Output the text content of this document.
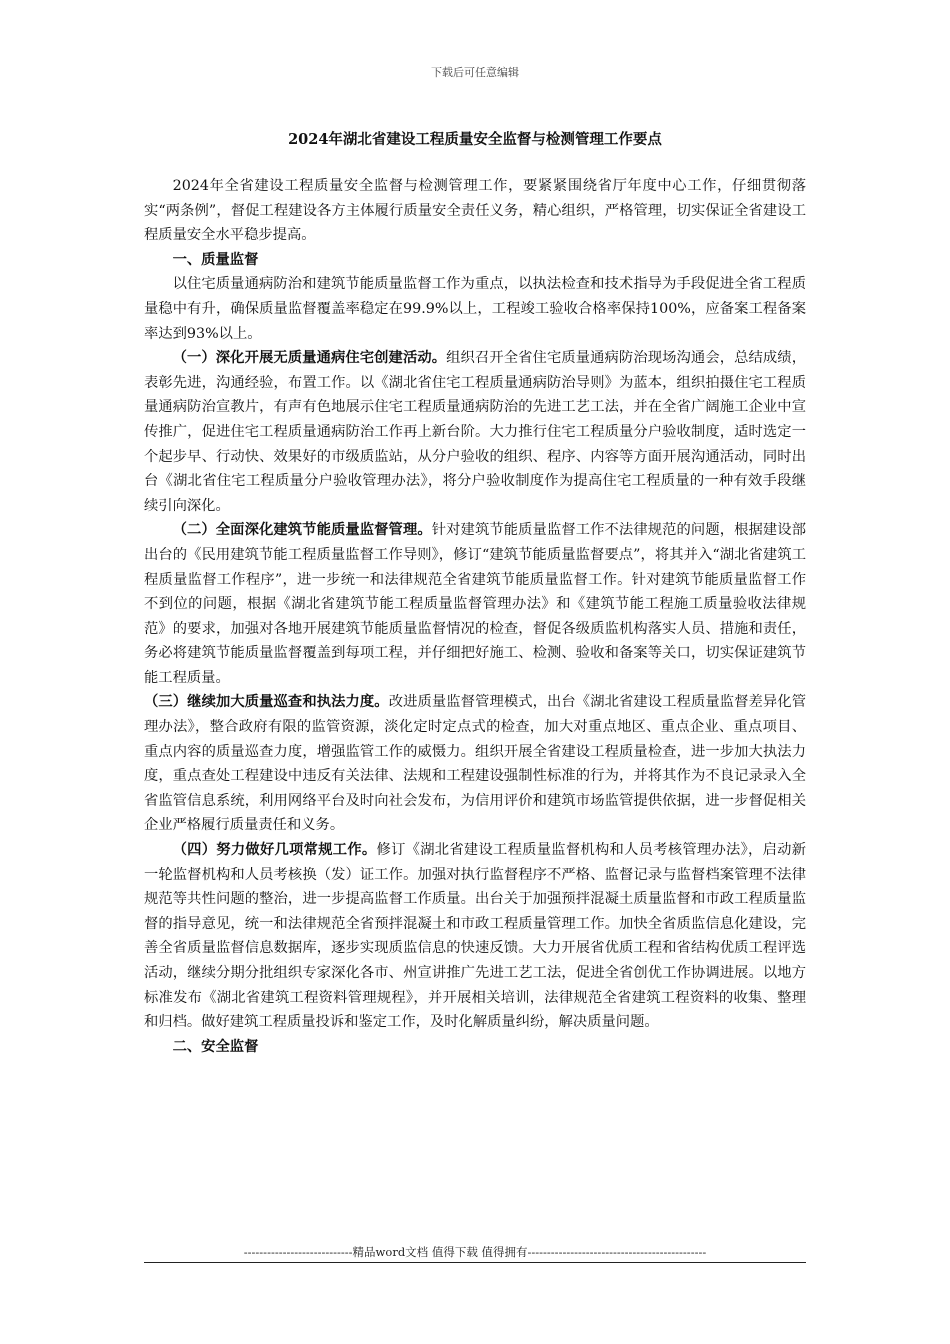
下载后可任意编辑
2024年湖北省建设工程质量安全监督与检测管理工作要点

2024年全省建设工程质量安全监督与检测管理工作，要紧紧围绕省厅年度中心工作，仔细贯彻落实“两条例”，督促工程建设各方主体履行质量安全责任义务，精心组织，严格管理，切实保证全省建设工程质量安全水平稳步提高。

一、质量监督

以住宅质量通病防治和建筑节能质量监督工作为重点，以执法检查和技术指导为手段促进全省工程质量稳中有升，确保质量监督覆盖率稳定在99.9%以上，工程竣工验收合格率保持100%，应备案工程备案率达到93%以上。

（一）深化开展无质量通病住宅创建活动。组织召开全省住宅质量通病防治现场沟通会，总结成绩，表彰先进，沟通经验，布置工作。以《湖北省住宅工程质量通病防治导则》为蓝本，组织拍摄住宅工程质量通病防治宣教片，有声有色地展示住宅工程质量通病防治的先进工艺工法，并在全省广阔施工企业中宣传推广，促进住宅工程质量通病防治工作再上新台阶。大力推行住宅工程质量分户验收制度，适时选定一个起步早、行动快、效果好的市级质监站，从分户验收的组织、程序、内容等方面开展沟通活动，同时出台《湖北省住宅工程质量分户验收管理办法》，将分户验收制度作为提高住宅工程质量的一种有效手段继续引向深化。

（二）全面深化建筑节能质量监督管理。针对建筑节能质量监督工作不法律规范的问题，根据建设部出台的《民用建筑节能工程质量监督工作导则》，修订“建筑节能质量监督要点”，将其并入“湖北省建筑工程质量监督工作程序”，进一步统一和法律规范全省建筑节能质量监督工作。针对建筑节能质量监督工作不到位的问题，根据《湖北省建筑节能工程质量监督管理办法》和《建筑节能工程施工质量验收法律规范》的要求，加强对各地开展建筑节能质量监督情况的检查，督促各级质监机构落实人员、措施和责任，务必将建筑节能质量监督覆盖到每项工程，并仔细把好施工、检测、验收和备案等关口，切实保证建筑节能工程质量。

（三）继续加大质量巡查和执法力度。改进质量监督管理模式，出台《湖北省建设工程质量监督差异化管理办法》，整合政府有限的监管资源，淡化定时定点式的检查，加大对重点地区、重点企业、重点项目、重点内容的质量巡查力度，增强监管工作的威慑力。组织开展全省建设工程质量检查，进一步加大执法力度，重点查处工程建设中违反有关法律、法规和工程建设强制性标准的行为，并将其作为不良记录录入全省监管信息系统，利用网络平台及时向社会发布，为信用评价和建筑市场监管提供依据，进一步督促相关企业严格履行质量责任和义务。

（四）努力做好几项常规工作。修订《湖北省建设工程质量监督机构和人员考核管理办法》，启动新一轮监督机构和人员考核换（发）证工作。加强对执行监督程序不严格、监督记录与监督档案管理不法律规范等共性问题的整治，进一步提高监督工作质量。出台关于加强预拌混凝土质量监督和市政工程质量监督的指导意见，统一和法律规范全省预拌混凝土和市政工程质量管理工作。加快全省质监信息化建设，完善全省质量监督信息数据库，逐步实现质监信息的快速反馈。大力开展省优质工程和省结构优质工程评选活动，继续分期分批组织专家深化各市、州宣讲推广先进工艺工法，促进全省创优工作协调进展。以地方标准发布《湖北省建筑工程资料管理规程》，并开展相关培训，法律规范全省建筑工程资料的收集、整理和归档。做好建筑工程质量投诉和鉴定工作，及时化解质量纠纷，解决质量问题。

二、安全监督

----------------------------精品word文档 值得下载 值得拥有----------------------------------------------
